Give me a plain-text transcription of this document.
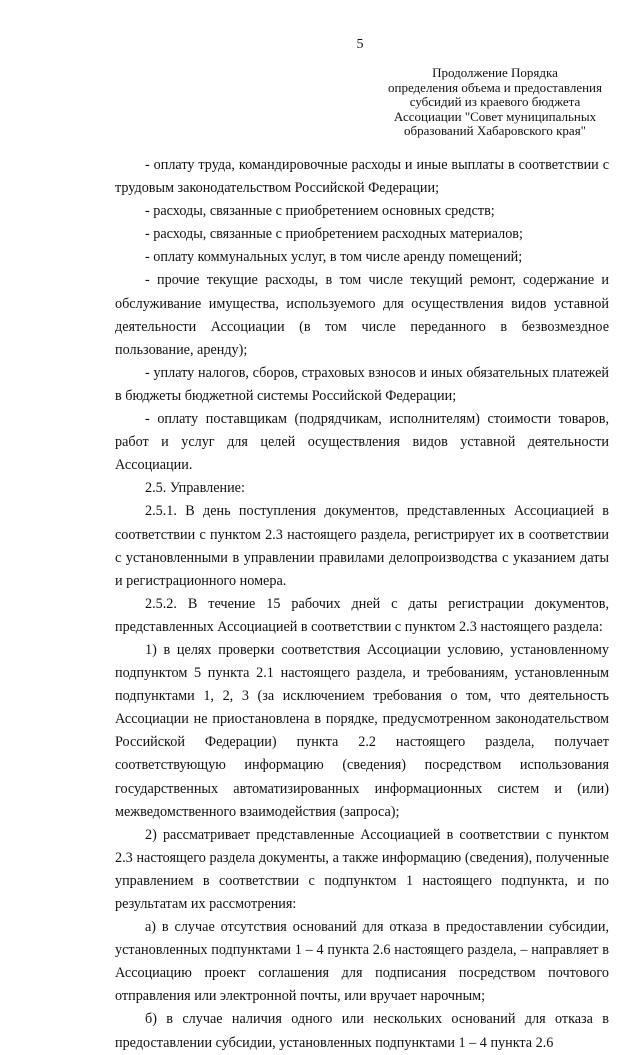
5
Продолжение Порядка
определения объема и предоставления
субсидий из краевого бюджета
Ассоциации "Совет муниципальных
образований Хабаровского края"

- оплату труда, командировочные расходы и иные выплаты в соответствии с трудовым законодательством Российской Федерации;

- расходы, связанные с приобретением основных средств;

- расходы, связанные с приобретением расходных материалов;

- оплату коммунальных услуг, в том числе аренду помещений;

- прочие текущие расходы, в том числе текущий ремонт, содержание и обслуживание имущества, используемого для осуществления видов уставной деятельности Ассоциации (в том числе переданного в безвозмездное пользование, аренду);

- уплату налогов, сборов, страховых взносов и иных обязательных платежей в бюджеты бюджетной системы Российской Федерации;

- оплату поставщикам (подрядчикам, исполнителям) стоимости товаров, работ и услуг для целей осуществления видов уставной деятельности Ассоциации.

2.5. Управление:

2.5.1. В день поступления документов, представленных Ассоциацией в соответствии с пунктом 2.3 настоящего раздела, регистрирует их в соответствии с установленными в управлении правилами делопроизводства с указанием даты и регистрационного номера.

2.5.2. В течение 15 рабочих дней с даты регистрации документов, представленных Ассоциацией в соответствии с пунктом 2.3 настоящего раздела:

1) в целях проверки соответствия Ассоциации условию, установленному подпунктом 5 пункта 2.1 настоящего раздела, и требованиям, установленным подпунктами 1, 2, 3 (за исключением требования о том, что деятельность Ассоциации не приостановлена в порядке, предусмотренном законодательством Российской Федерации) пункта 2.2 настоящего раздела, получает соответствующую информацию (сведения) посредством использования государственных автоматизированных информационных систем и (или) межведомственного взаимодействия (запроса);

2) рассматривает представленные Ассоциацией в соответствии с пунктом 2.3 настоящего раздела документы, а также информацию (сведения), полученные управлением в соответствии с подпунктом 1 настоящего подпункта, и по результатам их рассмотрения:

а) в случае отсутствия оснований для отказа в предоставлении субсидии, установленных подпунктами 1 – 4 пункта 2.6 настоящего раздела, – направляет в Ассоциацию проект соглашения для подписания посредством почтового отправления или электронной почты, или вручает нарочным;

б) в случае наличия одного или нескольких оснований для отказа в предоставлении субсидии, установленных подпунктами 1 – 4 пункта 2.6
